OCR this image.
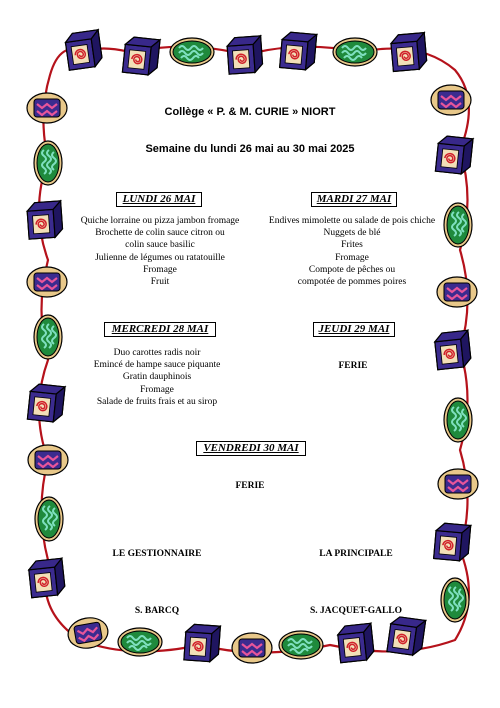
Collège « P. & M. CURIE » NIORT
Semaine du lundi 26 mai au 30 mai 2025
LUNDI 26 MAI
Quiche lorraine ou pizza jambon fromage
Brochette de colin sauce citron ou
colin sauce basilic
Julienne de légumes ou ratatouille
Fromage
Fruit
MARDI 27 MAI
Endives mimolette ou salade de pois chiche
Nuggets de blé
Frites
Fromage
Compote de pêches ou
compotée de pommes poires
MERCREDI 28 MAI
Duo carottes radis noir
Emincé de hampe sauce piquante
Gratin dauphinois
Fromage
Salade de fruits frais et au sirop
JEUDI 29 MAI
FERIE
VENDREDI 30 MAI
FERIE
LE GESTIONNAIRE	LA PRINCIPALE
S. BARCQ	S. JACQUET-GALLO
